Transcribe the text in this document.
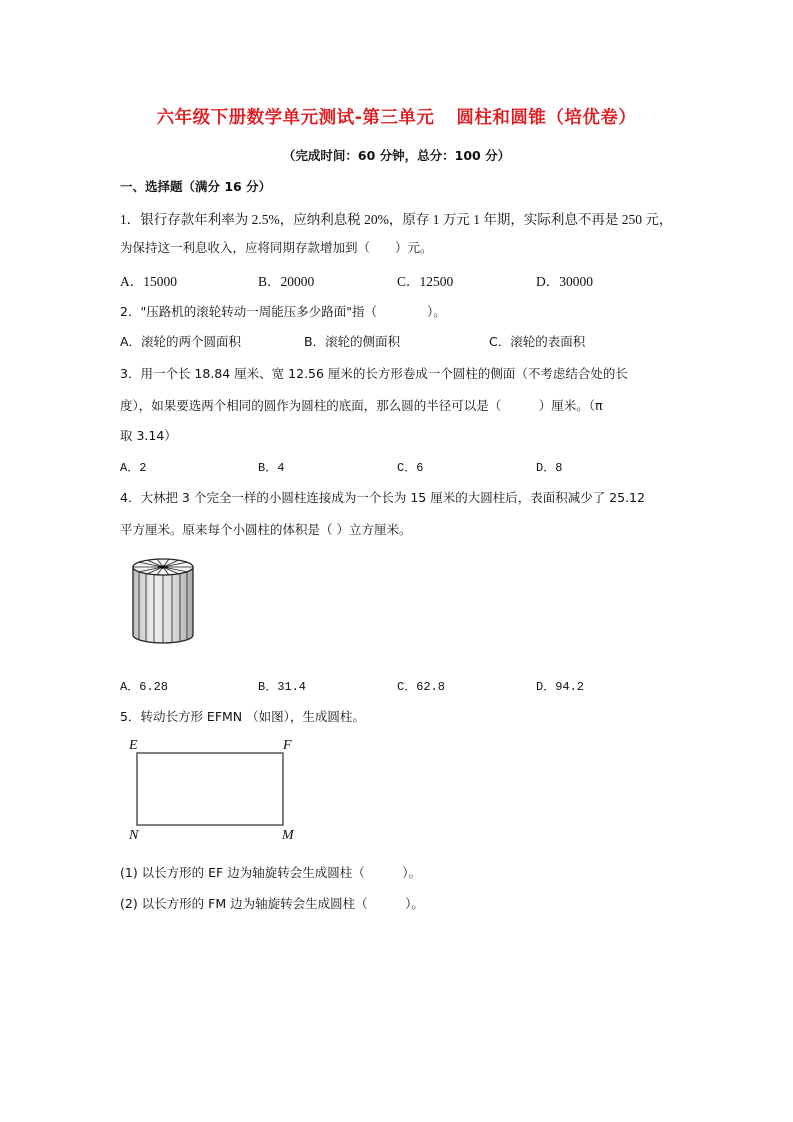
六年级下册数学单元测试-第三单元 圆柱和圆锥（培优卷）
（完成时间：60 分钟，总分：100 分）
一、选择题（满分 16 分）
1．银行存款年利率为 2.5%，应纳利息税 20%，原存 1 万元 1 年期，实际利息不再是 250 元，
为保持这一利息收入，应将同期存款增加到（　　）元。
A．15000	B．20000	C．12500	D．30000
2．"压路机的滚轮转动一周能压多少路面"指（　　　　）。
A．滚轮的两个圆面积	B．滚轮的侧面积	C．滚轮的表面积
3．用一个长 18.84 厘米、宽 12.56 厘米的长方形卷成一个圆柱的侧面（不考虑结合处的长
度），如果要选两个相同的圆作为圆柱的底面，那么圆的半径可以是（　　　）厘米。（π
取 3.14）
A．2	B．4	C．6	D．8
4．大林把 3 个完全一样的小圆柱连接成为一个长为 15 厘米的大圆柱后，表面积减少了 25.12
平方厘米。原来每个小圆柱的体积是（ ）立方厘米。
A．6.28	B．31.4	C．62.8	D．94.2
5．转动长方形 EFMN （如图），生成圆柱。
E	F
N	M
(1) 以长方形的 EF 边为轴旋转会生成圆柱（　　　）。
(2) 以长方形的 FM 边为轴旋转会生成圆柱（　　　）。
